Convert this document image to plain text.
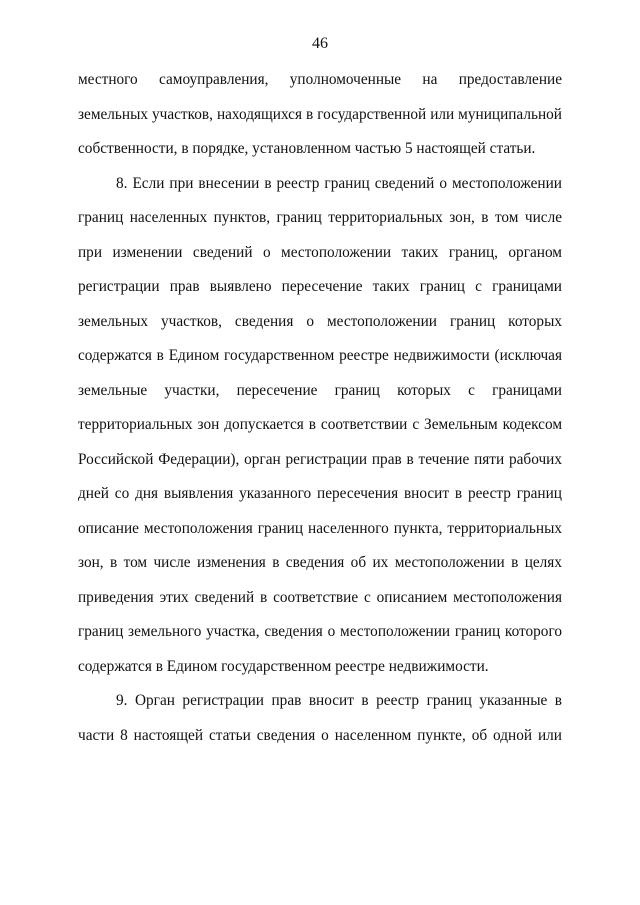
46

местного самоуправления, уполномоченные на предоставление земельных участков, находящихся в государственной или муниципальной собственности, в порядке, установленном частью 5 настоящей статьи.

8. Если при внесении в реестр границ сведений о местоположении границ населенных пунктов, границ территориальных зон, в том числе при изменении сведений о местоположении таких границ, органом регистрации прав выявлено пересечение таких границ с границами земельных участков, сведения о местоположении границ которых содержатся в Едином государственном реестре недвижимости (исключая земельные участки, пересечение границ которых с границами территориальных зон допускается в соответствии с Земельным кодексом Российской Федерации), орган регистрации прав в течение пяти рабочих дней со дня выявления указанного пересечения вносит в реестр границ описание местоположения границ населенного пункта, территориальных зон, в том числе изменения в сведения об их местоположении в целях приведения этих сведений в соответствие с описанием местоположения границ земельного участка, сведения о местоположении границ которого содержатся в Едином государственном реестре недвижимости.

9. Орган регистрации прав вносит в реестр границ указанные в части 8 настоящей статьи сведения о населенном пункте, об одной или
